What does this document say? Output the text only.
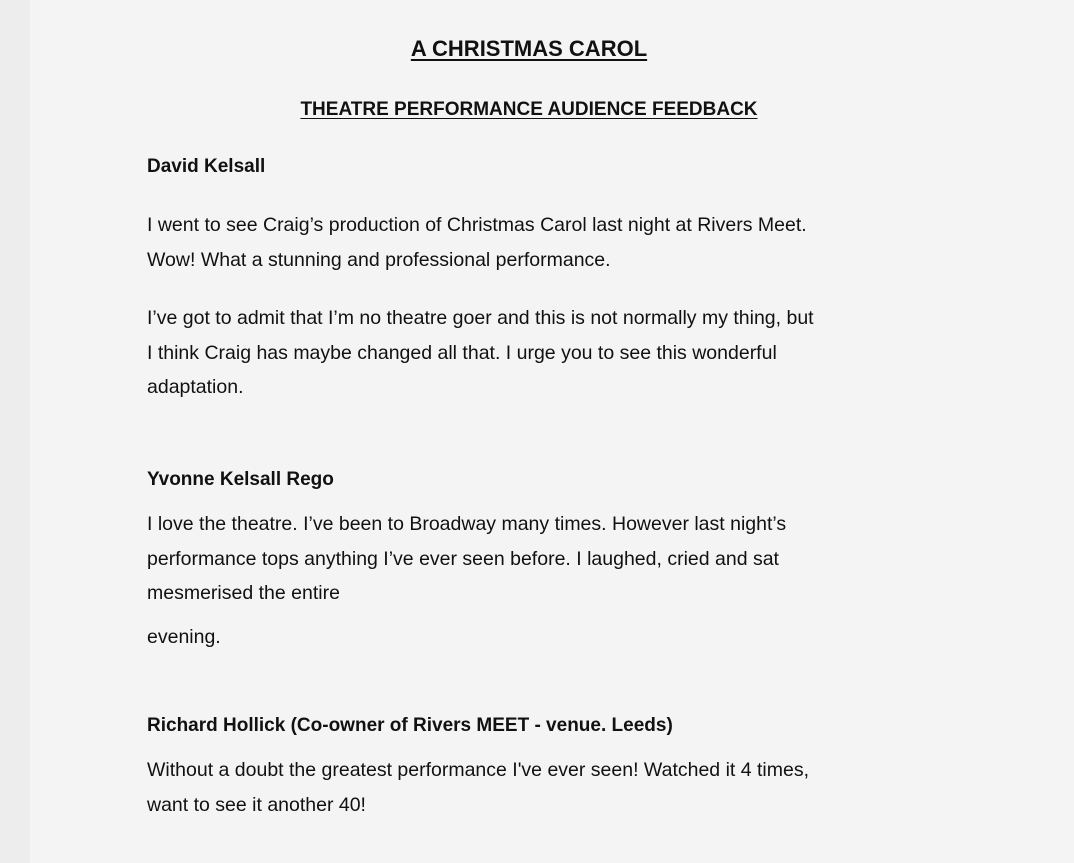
A CHRISTMAS CAROL
THEATRE PERFORMANCE AUDIENCE FEEDBACK
David Kelsall
I went to see Craig’s production of Christmas Carol last night at Rivers Meet.
Wow! What a stunning and professional performance.
I’ve got to admit that I’m no theatre goer and this is not normally my thing, but
I think Craig has maybe changed all that. I urge you to see this wonderful
adaptation.
Yvonne Kelsall Rego
I love the theatre. I’ve been to Broadway many times. However last night’s
performance tops anything I’ve ever seen before. I laughed, cried and sat
mesmerised the entire
evening.
Richard Hollick (Co-owner of Rivers MEET - venue. Leeds)
Without a doubt the greatest performance I've ever seen! Watched it 4 times,
want to see it another 40!
